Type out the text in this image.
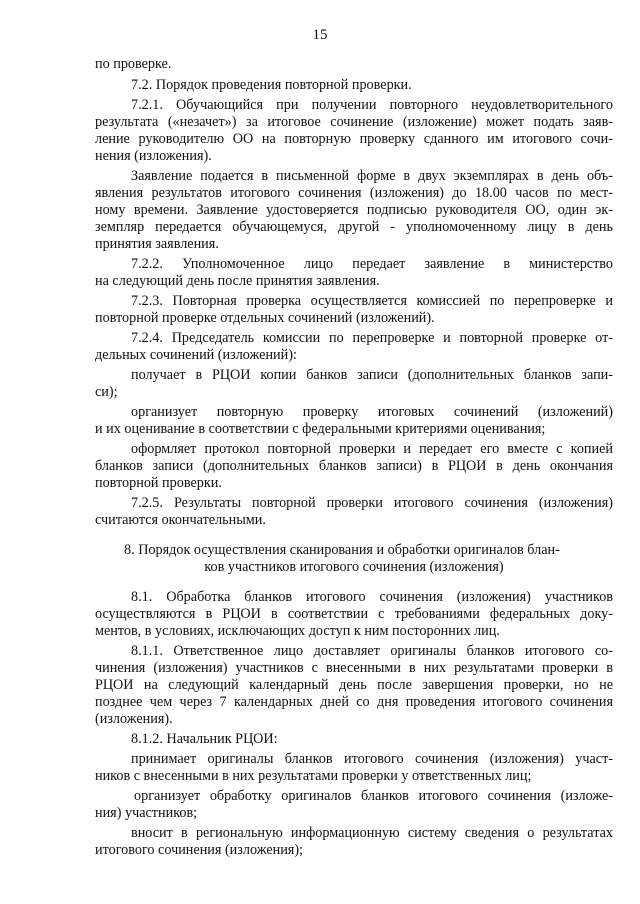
15
по проверке.
7.2. Порядок проведения повторной проверки.
7.2.1. Обучающийся при получении повторного неудовлетворительного
результата («незачет») за итоговое сочинение (изложение) может подать заяв-
ление руководителю ОО на повторную проверку сданного им итогового сочи-
нения (изложения).
Заявление подается в письменной форме в двух экземплярах в день объ-
явления результатов итогового сочинения (изложения) до 18.00 часов по мест-
ному времени. Заявление удостоверяется подписью руководителя ОО, один эк-
земпляр передается обучающемуся, другой - уполномоченному лицу в день
принятия заявления.
7.2.2. Уполномоченное лицо передает заявление в министерство
на следующий день после принятия заявления.
7.2.3. Повторная проверка осуществляется комиссией по перепроверке и
повторной проверке отдельных сочинений (изложений).
7.2.4. Председатель комиссии по перепроверке и повторной проверке от-
дельных сочинений (изложений):
получает в РЦОИ копии банков записи (дополнительных бланков запи-
си);
организует повторную проверку итоговых сочинений (изложений)
и их оценивание в соответствии с федеральными критериями оценивания;
оформляет протокол повторной проверки и передает его вместе с копией
бланков записи (дополнительных бланков записи) в РЦОИ в день окончания
повторной проверки.
7.2.5. Результаты повторной проверки итогового сочинения (изложения)
считаются окончательными.
8. Порядок осуществления сканирования и обработки оригиналов блан-
ков участников итогового сочинения (изложения)
8.1. Обработка бланков итогового сочинения (изложения) участников
осуществляются в РЦОИ в соответствии с требованиями федеральных доку-
ментов, в условиях, исключающих доступ к ним посторонних лиц.
8.1.1. Ответственное лицо доставляет оригиналы бланков итогового со-
чинения (изложения) участников с внесенными в них результатами проверки в
РЦОИ на следующий календарный день после завершения проверки, но не
позднее чем через 7 календарных дней со дня проведения итогового сочинения
(изложения).
8.1.2. Начальник РЦОИ:
принимает оригиналы бланков итогового сочинения (изложения) участ-
ников с внесенными в них результатами проверки у ответственных лиц;
организует обработку оригиналов бланков итогового сочинения (изложе-
ния) участников;
вносит в региональную информационную систему сведения о результатах
итогового сочинения (изложения);
